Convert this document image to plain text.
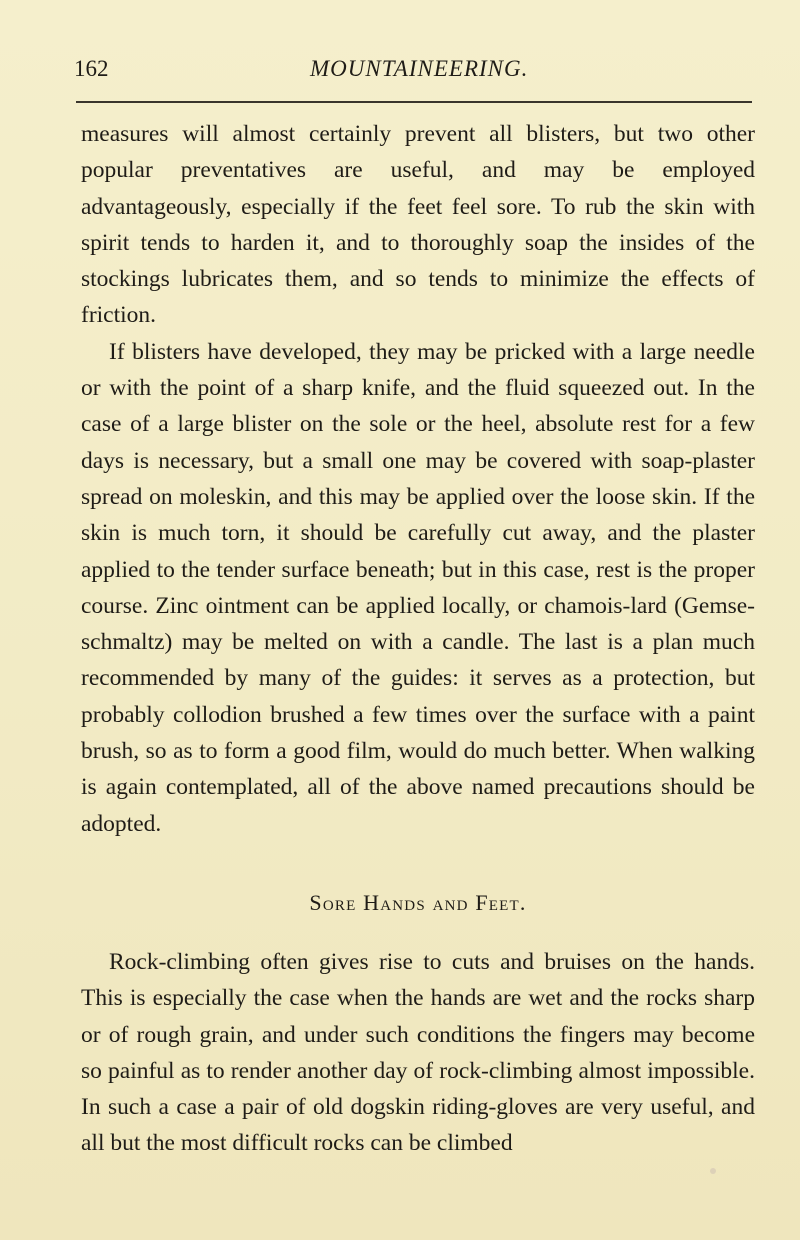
162	MOUNTAINEERING.

measures will almost certainly prevent all blisters, but two other popular preventatives are useful, and may be employed advantageously, especially if the feet feel sore. To rub the skin with spirit tends to harden it, and to thoroughly soap the insides of the stockings lubricates them, and so tends to minimize the effects of friction.

If blisters have developed, they may be pricked with a large needle or with the point of a sharp knife, and the fluid squeezed out. In the case of a large blister on the sole or the heel, absolute rest for a few days is necessary, but a small one may be covered with soap-plaster spread on moleskin, and this may be applied over the loose skin. If the skin is much torn, it should be carefully cut away, and the plaster applied to the tender surface beneath; but in this case, rest is the proper course. Zinc ointment can be applied locally, or chamois-lard (Gemse-schmaltz) may be melted on with a candle. The last is a plan much recommended by many of the guides: it serves as a protection, but probably collodion brushed a few times over the surface with a paint brush, so as to form a good film, would do much better. When walking is again contemplated, all of the above named precautions should be adopted.

Sore Hands and Feet.

Rock-climbing often gives rise to cuts and bruises on the hands. This is especially the case when the hands are wet and the rocks sharp or of rough grain, and under such conditions the fingers may become so painful as to render another day of rock-climbing almost impossible. In such a case a pair of old dogskin riding-gloves are very useful, and all but the most difficult rocks can be climbed
